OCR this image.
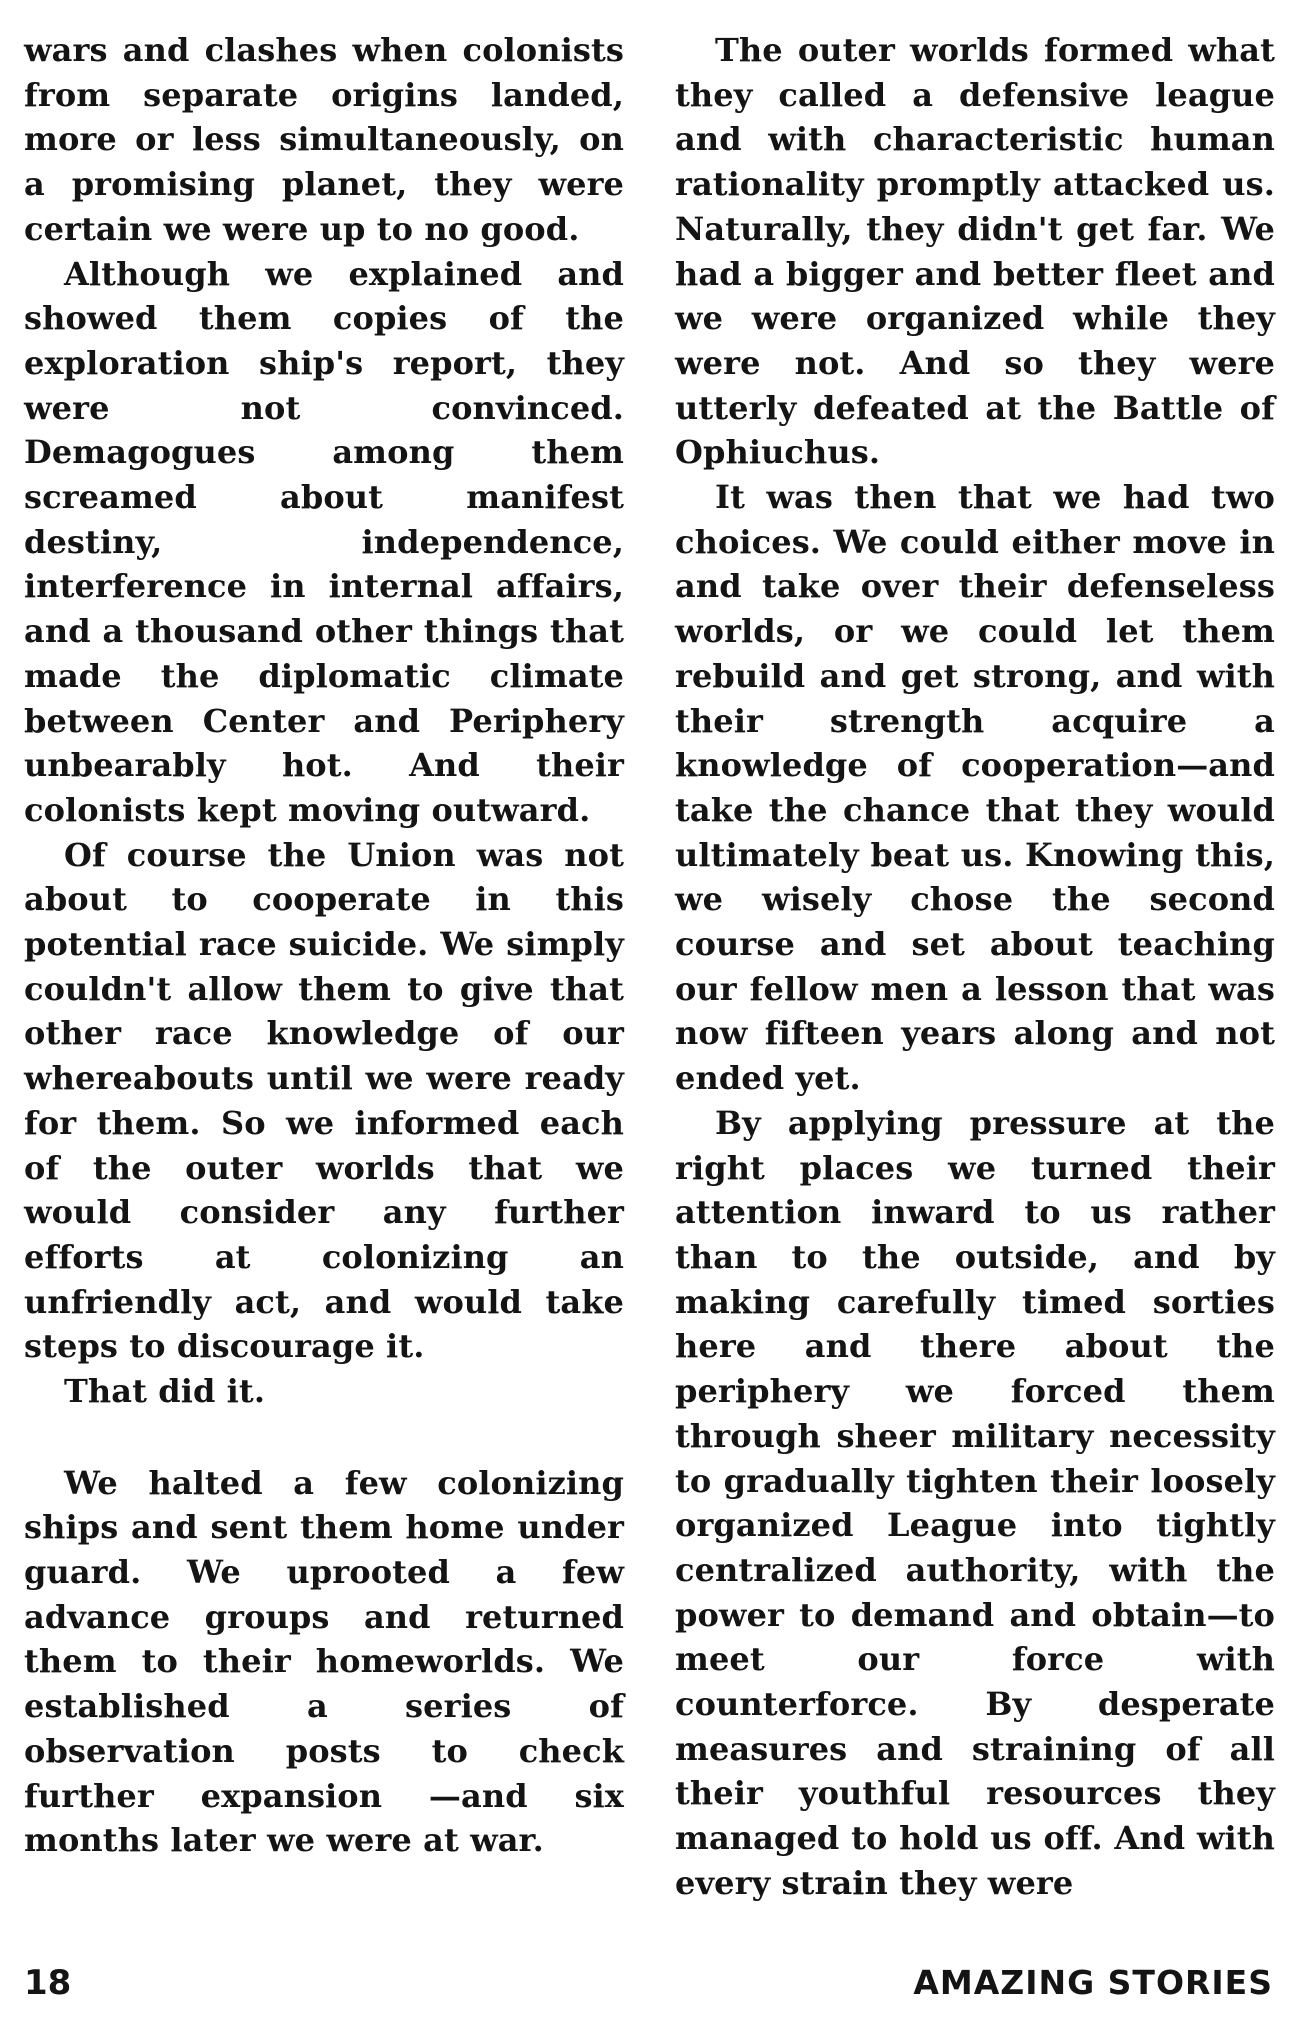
wars and clashes when colonists from separate origins landed, more or less simultaneously, on a promising planet, they were certain we were up to no good.

Although we explained and showed them copies of the exploration ship's report, they were not convinced. Demagogues among them screamed about manifest destiny, independence, interference in internal affairs, and a thousand other things that made the diplomatic climate between Center and Periphery unbearably hot. And their colonists kept moving outward.

Of course the Union was not about to cooperate in this potential race suicide. We simply couldn't allow them to give that other race knowledge of our whereabouts until we were ready for them. So we informed each of the outer worlds that we would consider any further efforts at colonizing an unfriendly act, and would take steps to discourage it.

That did it.

We halted a few colonizing ships and sent them home under guard. We uprooted a few advance groups and returned them to their homeworlds. We established a series of observation posts to check further expansion —and six months later we were at war.

The outer worlds formed what they called a defensive league and with characteristic human rationality promptly attacked us. Naturally, they didn't get far. We had a bigger and better fleet and we were organized while they were not. And so they were utterly defeated at the Battle of Ophiuchus.

It was then that we had two choices. We could either move in and take over their defenseless worlds, or we could let them rebuild and get strong, and with their strength acquire a knowledge of cooperation—and take the chance that they would ultimately beat us. Knowing this, we wisely chose the second course and set about teaching our fellow men a lesson that was now fifteen years along and not ended yet.

By applying pressure at the right places we turned their attention inward to us rather than to the outside, and by making carefully timed sorties here and there about the periphery we forced them through sheer military necessity to gradually tighten their loosely organized League into tightly centralized authority, with the power to demand and obtain—to meet our force with counterforce. By desperate measures and straining of all their youthful resources they managed to hold us off. And with every strain they were

18	AMAZING STORIES
